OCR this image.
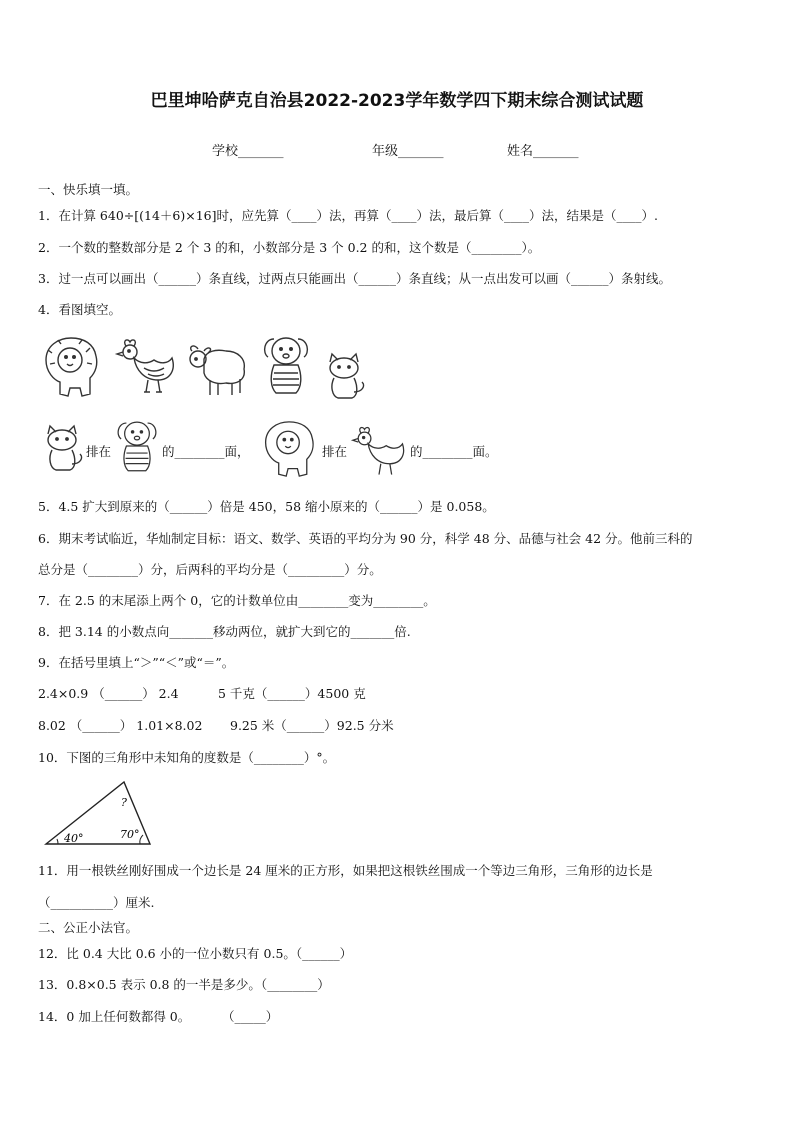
巴里坤哈萨克自治县2022-2023学年数学四下期末综合测试试题
学校_______	年级_______	姓名_______
一、快乐填一填。
1．在计算 640÷[(14＋6)×16]时，应先算（____）法，再算（____）法，最后算（____）法，结果是（____）.
2．一个数的整数部分是 2 个 3 的和，小数部分是 3 个 0.2 的和，这个数是（________）。
3．过一点可以画出（______）条直线，过两点只能画出（______）条直线；从一点出发可以画（______）条射线。
4．看图填空。
排在	的________面，	排在	的________面。
5．4.5 扩大到原来的（______）倍是 450，58 缩小原来的（______）是 0.058。
6．期末考试临近，华灿制定目标：语文、数学、英语的平均分为 90 分，科学 48 分、品德与社会 42 分。他前三科的
总分是（________）分，后两科的平均分是（_________）分。
7．在 2.5 的末尾添上两个 0，它的计数单位由________变为________。
8．把 3.14 的小数点向_______移动两位，就扩大到它的_______倍.
9．在括号里填上“＞”“＜”或“＝”。
2.4×0.9 （______） 2.4	5 千克（______）4500 克
8.02 （______） 1.01×8.02 9.25 米（______）92.5 分米
10．下图的三角形中未知角的度数是（________）°。
40°	70°
?
11．用一根铁丝刚好围成一个边长是 24 厘米的正方形，如果把这根铁丝围成一个等边三角形，三角形的边长是
（__________）厘米.
二、公正小法官。
12．比 0.4 大比 0.6 小的一位小数只有 0.5。（______）
13．0.8×0.5 表示 0.8 的一半是多少。（________）
14．0 加上任何数都得 0。        （_____）
